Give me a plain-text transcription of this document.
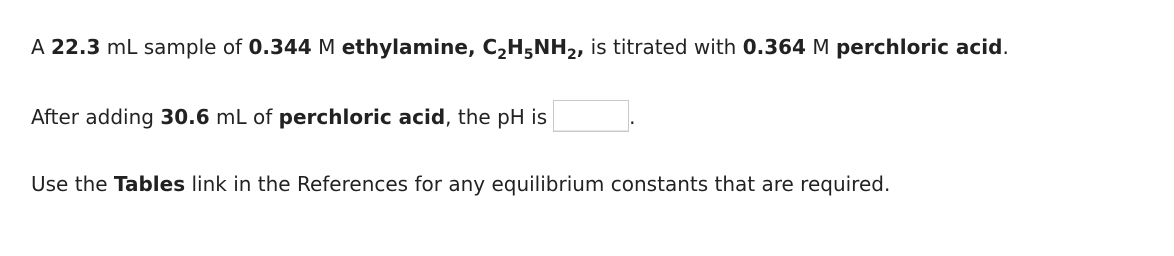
A 22.3 mL sample of 0.344 M ethylamine, $C_2H_5NH_2$, is titrated with 0.364 M perchloric acid.
After adding 30.6 mL of perchloric acid, the pH is	.
Use the Tables link in the References for any equilibrium constants that are required.
